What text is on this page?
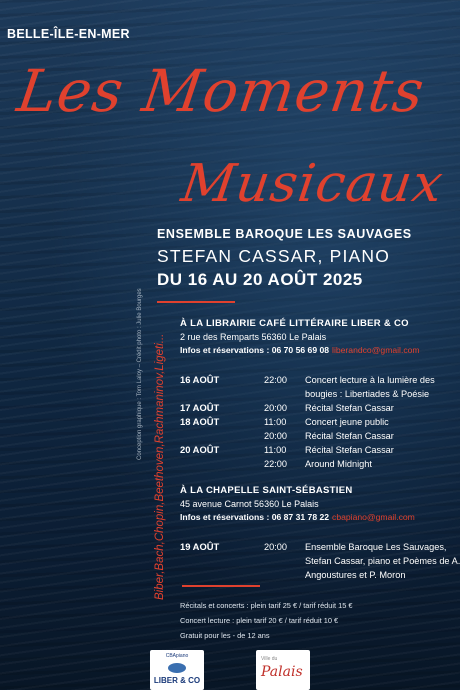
BELLE-ÎLE-EN-MER
Les Moments
Musicaux
ENSEMBLE BAROQUE LES SAUVAGES
STEFAN CASSAR, PIANO
DU 16 AU 20 AOÛT 2025
Biber,Bach,Chopin,Beethoven,Rachmaninov,Ligeti...
Conception graphique : Tom Laloy – Crédit photo : Julie Bourges	À LA LIBRAIRIE CAFÉ LITTÉRAIRE LIBER & CO
2 rue des Remparts 56360 Le Palais
Infos et réservations : 06 70 56 69 08 liberandco@gmail.com
16 AOÛT	22:00 Concert lecture à la lumière des bougies : Libertiades & Poésie
17 AOÛT	20:00 Récital Stefan Cassar
18 AOÛT	11:00 Concert jeune public
20:00 Récital Stefan Cassar
20 AOÛT	11:00 Récital Stefan Cassar
22:00 Around Midnight
À LA CHAPELLE SAINT-SÉBASTIEN
45 avenue Carnot 56360 Le Palais
Infos et réservations : 06 87 31 78 22 cbapiano@gmail.com
19 AOÛT	20:00 Ensemble Baroque Les Sauvages, Stefan Cassar, piano et Poèmes de A. Angoustures et P. Moron
Récitals et concerts : plein tarif 25 € / tarif réduit 15 €
Concert lecture : plein tarif 20 € / tarif réduit 10 €
Gratuit pour les - de 12 ans
CBApiano
LIBER & CO
Ville du
Palais
